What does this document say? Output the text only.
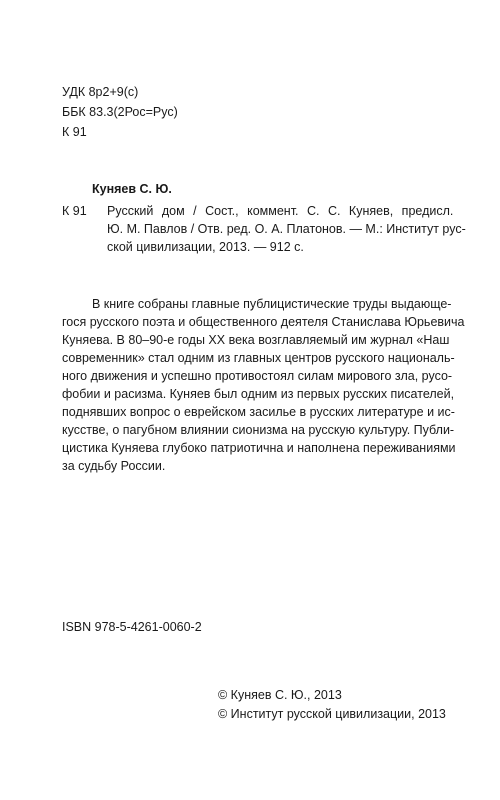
УДК 8р2+9(с)
ББК 83.3(2Рос=Рус)
К 91
Куняев С. Ю.
К 91 Русский дом / Сост., коммент. С. С. Куняев, предисл.
Ю. М. Павлов / Отв. ред. О. А. Платонов. — М.: Институт рус-
ской цивилизации, 2013. — 912 с.
В книге собраны главные публицистические труды выдающе-
гося русского поэта и общественного деятеля Станислава Юрьевича
Куняева. В 80–90-е годы XX века возглавляемый им журнал «Наш
современник» стал одним из главных центров русского националь-
ного движения и успешно противостоял силам мирового зла, русо-
фобии и расизма. Куняев был одним из первых русских писателей,
поднявших вопрос о еврейском засилье в русских литературе и ис-
кусстве, о пагубном влиянии сионизма на русскую культуру. Публи-
цистика Куняева глубоко патриотична и наполнена переживаниями
за судьбу России.
ISBN 978-5-4261-0060-2
© Куняев С. Ю., 2013
© Институт русской цивилизации, 2013
